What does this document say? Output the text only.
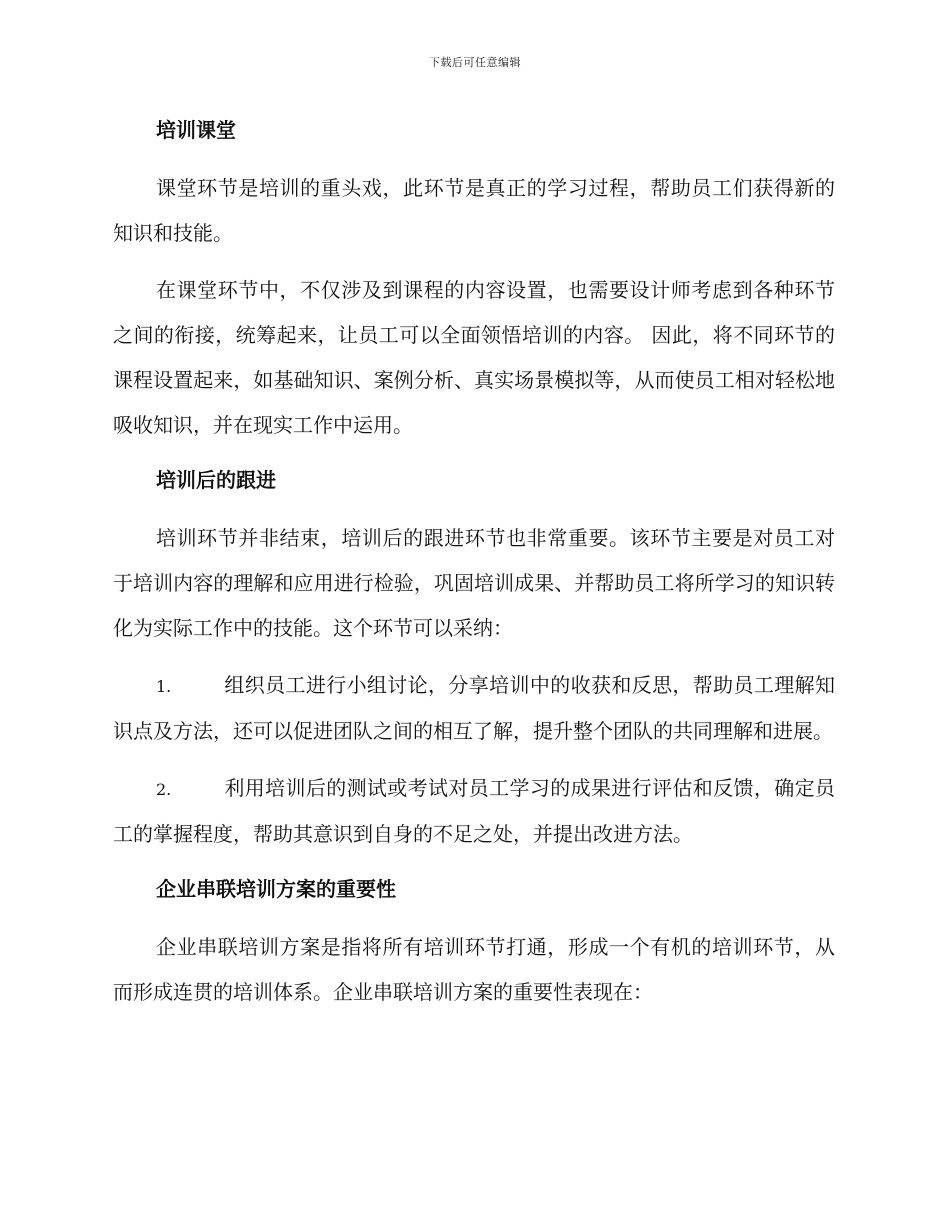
下载后可任意编辑
培训课堂

课堂环节是培训的重头戏，此环节是真正的学习过程，帮助员工们获得新的知识和技能。

在课堂环节中，不仅涉及到课程的内容设置，也需要设计师考虑到各种环节之间的衔接，统筹起来，让员工可以全面领悟培训的内容。 因此，将不同环节的课程设置起来，如基础知识、案例分析、真实场景模拟等，从而使员工相对轻松地吸收知识，并在现实工作中运用。

培训后的跟进

培训环节并非结束，培训后的跟进环节也非常重要。该环节主要是对员工对于培训内容的理解和应用进行检验，巩固培训成果、并帮助员工将所学习的知识转化为实际工作中的技能。这个环节可以采纳：

1.	组织员工进行小组讨论，分享培训中的收获和反思，帮助员工理解知识点及方法，还可以促进团队之间的相互了解，提升整个团队的共同理解和进展。

2.	利用培训后的测试或考试对员工学习的成果进行评估和反馈，确定员工的掌握程度，帮助其意识到自身的不足之处，并提出改进方法。

企业串联培训方案的重要性

企业串联培训方案是指将所有培训环节打通，形成一个有机的培训环节，从而形成连贯的培训体系。企业串联培训方案的重要性表现在：
